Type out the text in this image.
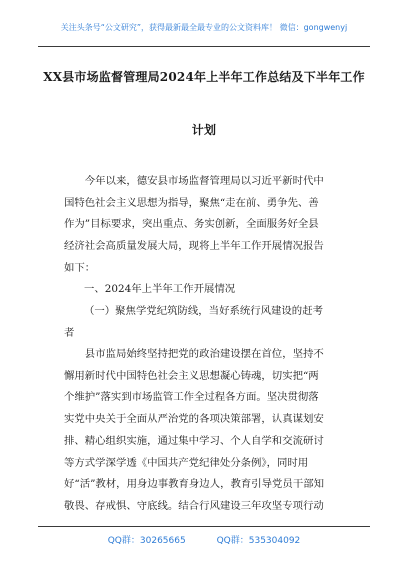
关注头条号“公文研究”，获得最新最全最专业的公文资料库！ 微信：gongwenyj
XX县市场监督管理局2024年上半年工作总结及下半年工作
计划
　　今年以来，德安县市场监督管理局以习近平新时代中
国特色社会主义思想为指导，聚焦“走在前、勇争先、善
作为”目标要求，突出重点、务实创新，全面服务好全县
经济社会高质量发展大局，现将上半年工作开展情况报告
如下：
一、2024年上半年工作开展情况
（一）聚焦学党纪筑防线，当好系统行风建设的赶考
者
　　县市监局始终坚持把党的政治建设摆在首位，坚持不
懈用新时代中国特色社会主义思想凝心铸魂，切实把“两
个维护”落实到市场监管工作全过程各方面。坚决贯彻落
实党中央关于全面从严治党的各项决策部署，认真谋划安
排、精心组织实施，通过集中学习、个人自学和交流研讨
等方式学深学透《中国共产党纪律处分条例》，同时用
好“活”教材，用身边事教育身边人，教育引导党员干部知
敬畏、存戒惧、守底线。结合行风建设三年攻坚专项行动
QQ群：30265665	QQ群：535304092
